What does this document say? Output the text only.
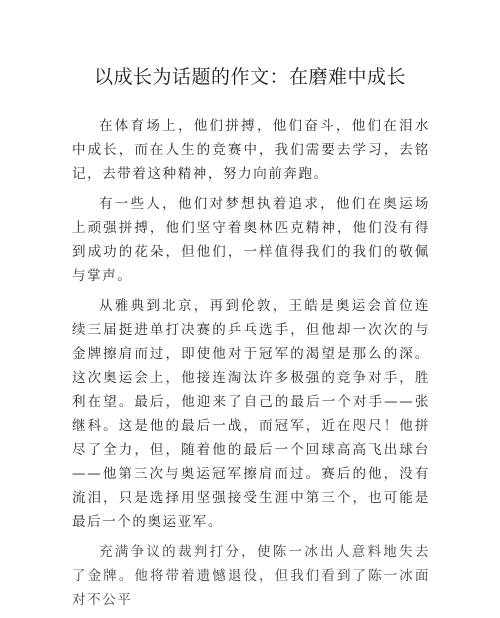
以成长为话题的作文：在磨难中成长

在体育场上，他们拼搏，他们奋斗，他们在泪水中成长，而在人生的竞赛中，我们需要去学习，去铭记，去带着这种精神，努力向前奔跑。

有一些人，他们对梦想执着追求，他们在奥运场上顽强拼搏，他们坚守着奥林匹克精神，他们没有得到成功的花朵，但他们，一样值得我们的我们的敬佩与掌声。

从雅典到北京，再到伦敦，王皓是奥运会首位连续三届挺进单打决赛的乒乓选手，但他却一次次的与金牌擦肩而过，即使他对于冠军的渴望是那么的深。这次奥运会上，他接连淘汰许多极强的竞争对手，胜利在望。最后，他迎来了自己的最后一个对手——张继科。这是他的最后一战，而冠军，近在咫尺！他拼尽了全力，但，随着他的最后一个回球高高飞出球台——他第三次与奥运冠军擦肩而过。赛后的他，没有流泪，只是选择用坚强接受生涯中第三个，也可能是最后一个的奥运亚军。

充满争议的裁判打分，使陈一冰出人意料地失去了金牌。他将带着遗憾退役，但我们看到了陈一冰面对不公平
